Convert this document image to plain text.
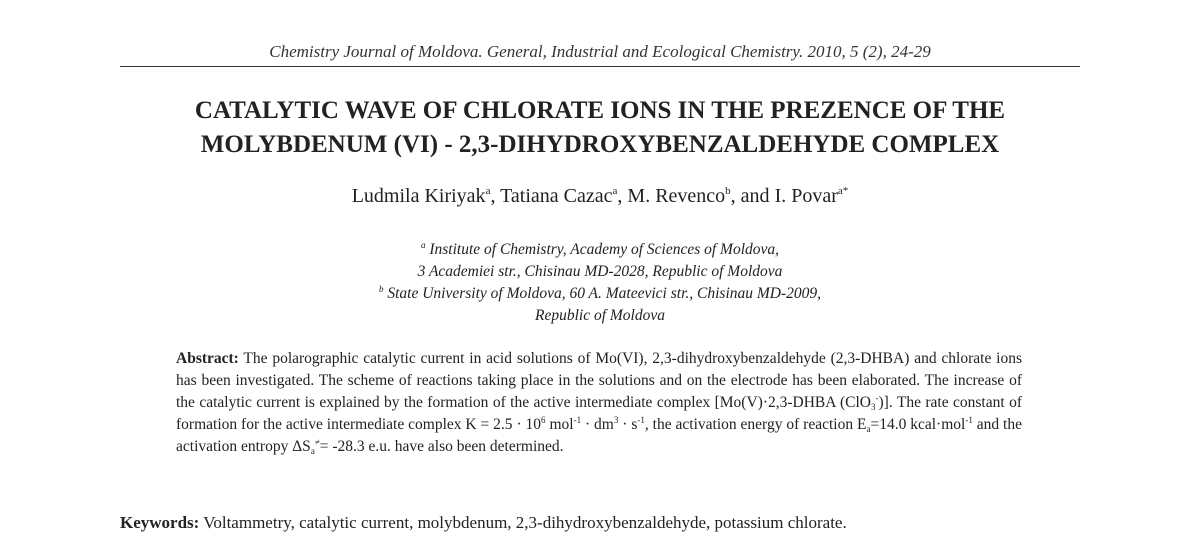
Chemistry Journal of Moldova. General, Industrial and Ecological Chemistry. 2010, 5 (2), 24-29
CATALYTIC WAVE OF CHLORATE IONS IN THE PREZENCE OF THE
MOLYBDENUM (VI) - 2,3-DIHYDROXYBENZALDEHYDE COMPLEX
Ludmila Kiriyak$^a$, Tatiana Cazac$^a$, M. Revenco$^b$, and I. Povar$^{a*}$
$^a$ Institute of Chemistry, Academy of Sciences of Moldova,
3 Academiei str., Chisinau MD-2028, Republic of Moldova
$^b$ State University of Moldova, 60 A. Mateevici str., Chisinau MD-2009,
Republic of Moldova
Abstract: The polarographic catalytic current in acid solutions of Mo(VI), 2,3-dihydroxybenzaldehyde (2,3-DHBA) and chlorate ions has been investigated. The scheme of reactions taking place in the solutions and on the electrode has been elaborated. The increase of the catalytic current is explained by the formation of the active intermediate complex [Mo(V)·2,3-DHBA (ClO$_3$-)]. The rate constant of formation for the active intermediate complex $K = 2.5 \cdot 10^6$ $mol^{-1} \cdot dm^3 \cdot s^{-1}$, the activation energy of reaction $E_a=14.0$ kcal·mol$^{-1}$ and the activation entropy $\Delta S_a^\ne= -28.3$ e.u. have also been determined.
Keywords: Voltammetry, catalytic current, molybdenum, 2,3-dihydroxybenzaldehyde, potassium chlorate.
